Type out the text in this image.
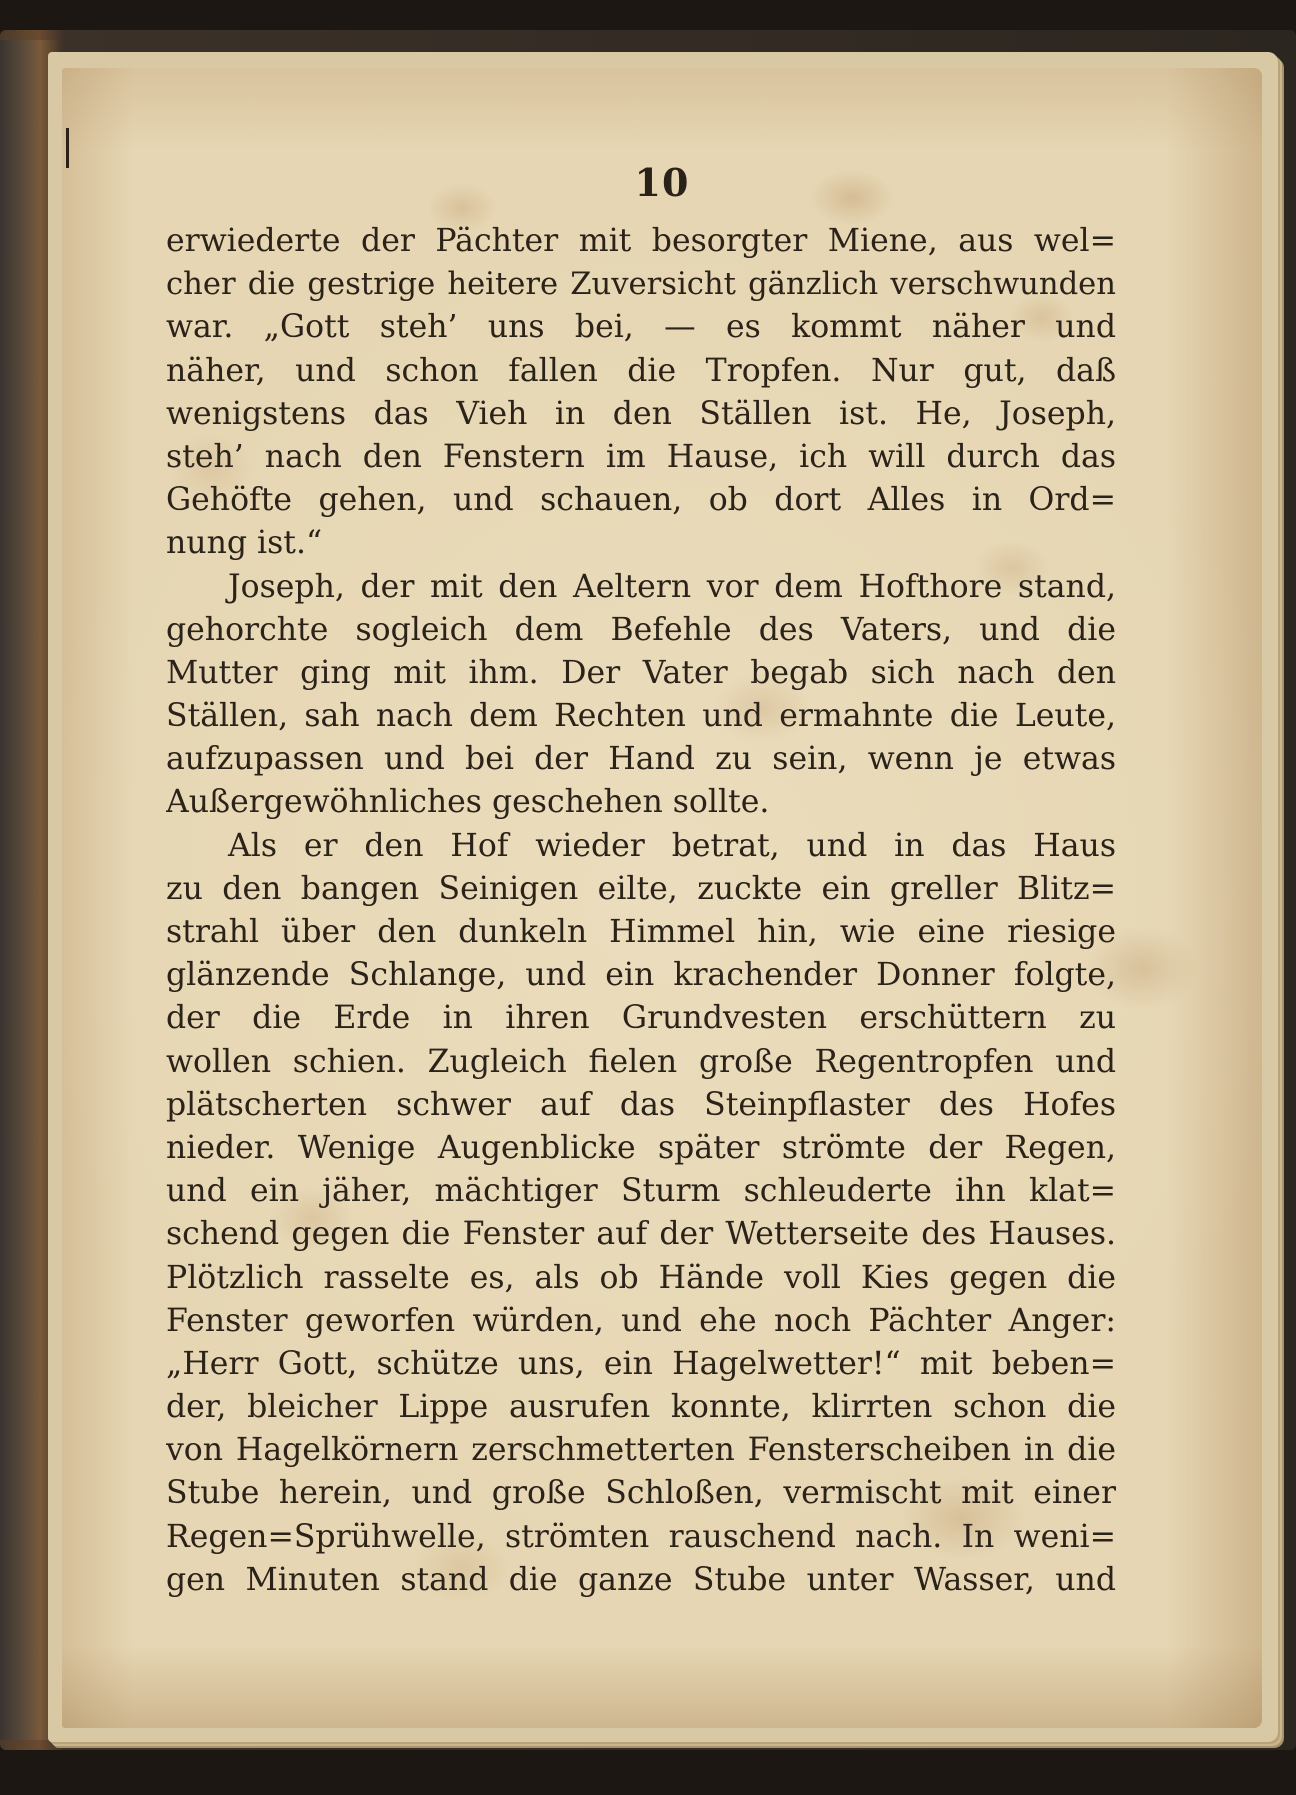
10
erwiederte der Pächter mit besorgter Miene, aus wel=
cher die gestrige heitere Zuversicht gänzlich verschwunden
war. „Gott steh’ uns bei, — es kommt näher und
näher, und schon fallen die Tropfen. Nur gut, daß
wenigstens das Vieh in den Ställen ist. He, Joseph,
steh’ nach den Fenstern im Hause, ich will durch das
Gehöfte gehen, und schauen, ob dort Alles in Ord=
nung ist.“
Joseph, der mit den Aeltern vor dem Hofthore stand,
gehorchte sogleich dem Befehle des Vaters, und die
Mutter ging mit ihm. Der Vater begab sich nach den
Ställen, sah nach dem Rechten und ermahnte die Leute,
aufzupassen und bei der Hand zu sein, wenn je etwas
Außergewöhnliches geschehen sollte.
Als er den Hof wieder betrat, und in das Haus
zu den bangen Seinigen eilte, zuckte ein greller Blitz=
strahl über den dunkeln Himmel hin, wie eine riesige
glänzende Schlange, und ein krachender Donner folgte,
der die Erde in ihren Grundvesten erschüttern zu
wollen schien. Zugleich fielen große Regentropfen und
plätscherten schwer auf das Steinpflaster des Hofes
nieder. Wenige Augenblicke später strömte der Regen,
und ein jäher, mächtiger Sturm schleuderte ihn klat=
schend gegen die Fenster auf der Wetterseite des Hauses.
Plötzlich rasselte es, als ob Hände voll Kies gegen die
Fenster geworfen würden, und ehe noch Pächter Anger:
„Herr Gott, schütze uns, ein Hagelwetter!“ mit beben=
der, bleicher Lippe ausrufen konnte, klirrten schon die
von Hagelkörnern zerschmetterten Fensterscheiben in die
Stube herein, und große Schloßen, vermischt mit einer
Regen=Sprühwelle, strömten rauschend nach. In weni=
gen Minuten stand die ganze Stube unter Wasser, und
